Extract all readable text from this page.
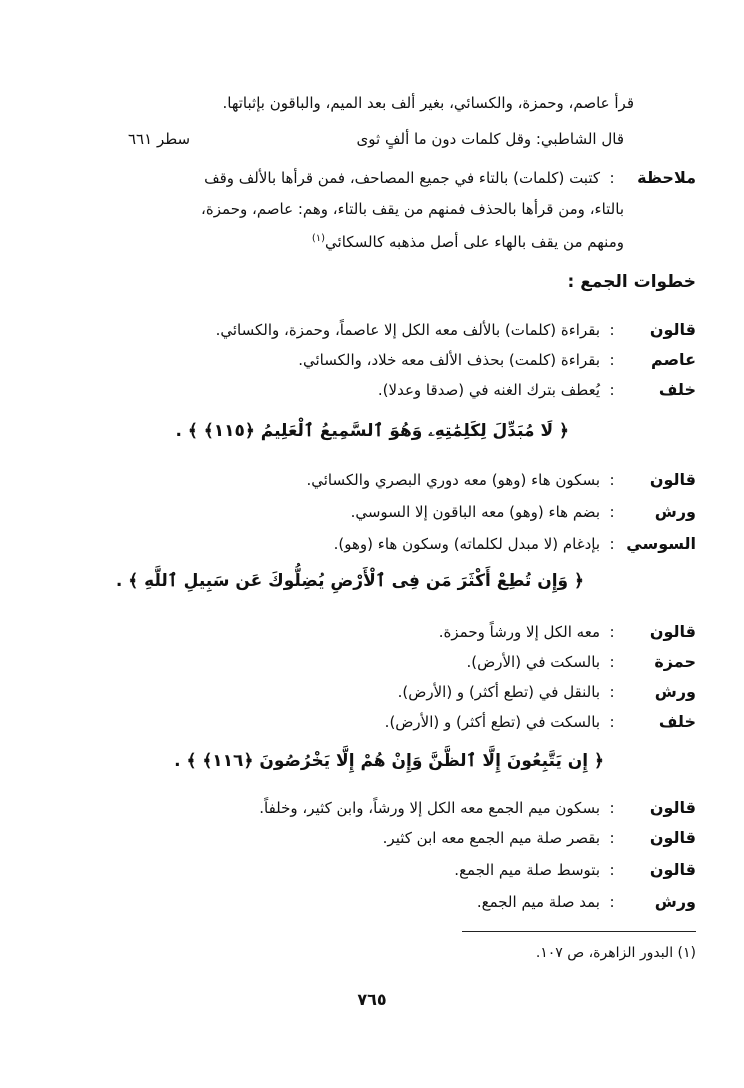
قرأ عاصم، وحمزة، والكسائي، بغير ألف بعد الميم، والباقون بإثباتها.
قال الشاطبي: وقل كلمات دون ما ألفٍ ثوى
سطر ٦٦١
ملاحظة
:
كتبت (كلمات) بالتاء في جميع المصاحف، فمن قرأها بالألف وقف
بالتاء، ومن قرأها بالحذف فمنهم من يقف بالتاء، وهم: عاصم، وحمزة،
ومنهم من يقف بالهاء على أصل مذهبه كالسكائي$^{(١)}$
خطوات الجمع :
قالون
:
بقراءة (كلمات) بالألف معه الكل إلا عاصماً، وحمزة، والكسائي.
عاصم
:
بقراءة (كلمت) بحذف الألف معه خلاد، والكسائي.
خلف
:
يُعطف بترك الغنه في (صدقا وعدلا).
﴿ لَا مُبَدِّلَ لِكَلِمَٰتِهِۦ وَهُوَ ٱلسَّمِيعُ ٱلْعَلِيمُ ﴿١١٥﴾ ﴾ .
قالون
:
بسكون هاء (وهو) معه دوري البصري والكسائي.
ورش
:
بضم هاء (وهو) معه الباقون إلا السوسي.
السوسي
:
بإدغام (لا مبدل لكلماته) وسكون هاء (وهو).
﴿ وَإِن تُطِعْ أَكْثَرَ مَن فِى ٱلْأَرْضِ يُضِلُّوكَ عَن سَبِيلِ ٱللَّهِ ﴾ .
قالون
:
معه الكل إلا ورشاً وحمزة.
حمزة
:
بالسكت في (الأرض).
ورش
:
بالنقل في (تطع أكثر) و (الأرض).
خلف
:
بالسكت في (تطع أكثر) و (الأرض).
﴿ إِن يَتَّبِعُونَ إِلَّا ٱلظَّنَّ وَإِنْ هُمْ إِلَّا يَخْرُصُونَ ﴿١١٦﴾ ﴾ .
قالون
:
بسكون ميم الجمع معه الكل إلا ورشاً، وابن كثير، وخلفاً.
قالون
:
بقصر صلة ميم الجمع معه ابن كثير.
قالون
:
بتوسط صلة ميم الجمع.
ورش
:
بمد صلة ميم الجمع.
(١) البدور الزاهرة، ص ١٠٧.
٧٦٥
